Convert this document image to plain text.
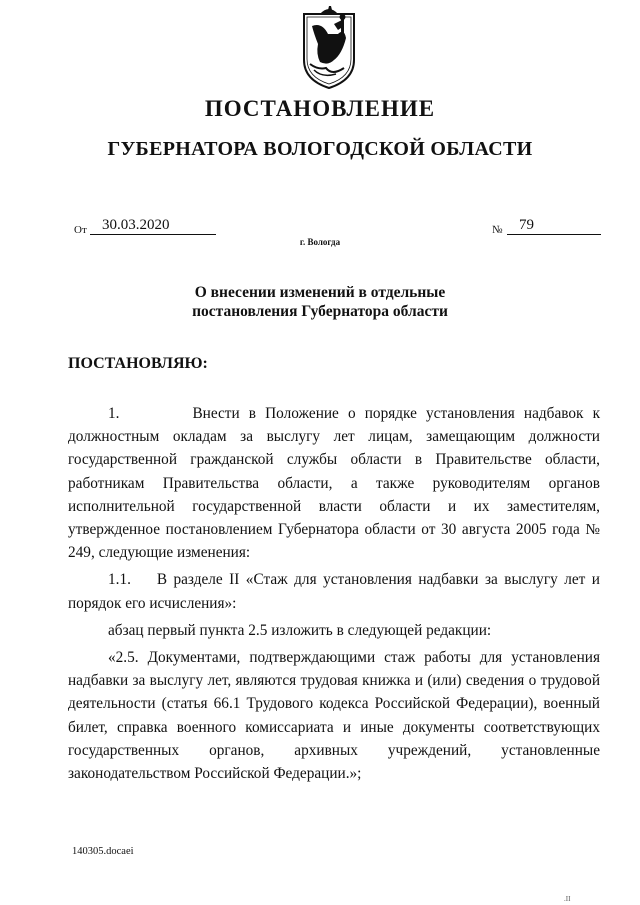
ПОСТАНОВЛЕНИЕ
ГУБЕРНАТОРА ВОЛОГОДСКОЙ ОБЛАСТИ
От	30.03.2020
г. Вологда
№	79
О внесении изменений в отдельные
постановления Губернатора области
ПОСТАНОВЛЯЮ:

1.        Внести в Положение о порядке установления надбавок к должностным окладам за выслугу лет лицам, замещающим должности государственной гражданской службы области в Правительстве области, работникам Правительства области, а также руководителям органов исполнительной государственной власти области и их заместителям, утвержденное постановлением Губернатора области от 30 августа 2005 года № 249, следующие изменения:

1.1.    В разделе II «Стаж для установления надбавки за выслугу лет и порядок его исчисления»:

абзац первый пункта 2.5 изложить в следующей редакции:

«2.5. Документами, подтверждающими стаж работы для установления надбавки за выслугу лет, являются трудовая книжка и (или) сведения о трудовой деятельности (статья 66.1 Трудового кодекса Российской Федерации), военный билет, справка военного комиссариата и иные документы соответствующих государственных органов, архивных учреждений, установленные законодательством Российской Федерации.»;

140305.docaei
.II
